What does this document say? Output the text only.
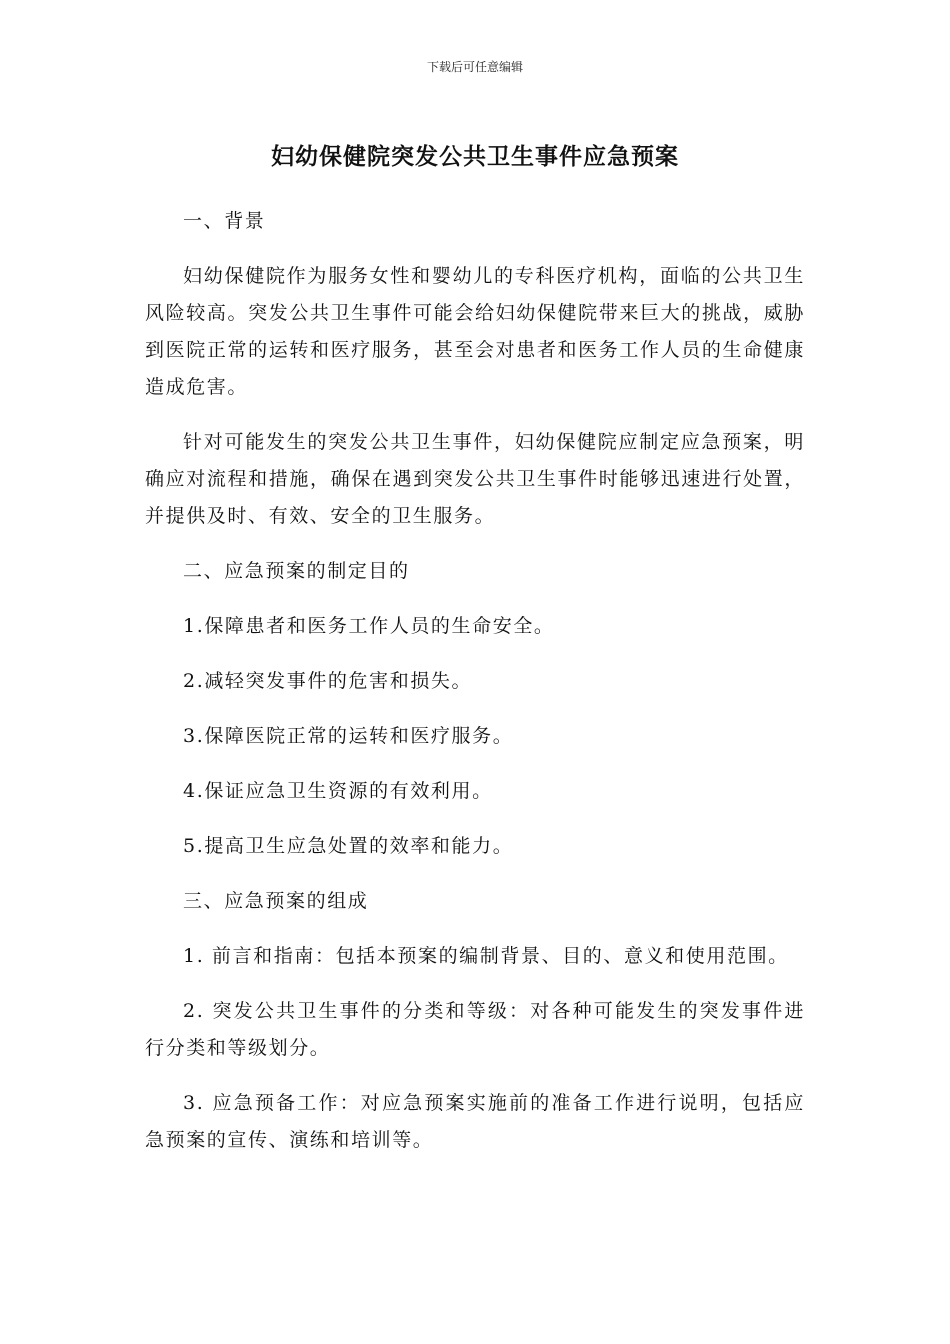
下载后可任意编辑
妇幼保健院突发公共卫生事件应急预案

一、背景

妇幼保健院作为服务女性和婴幼儿的专科医疗机构，面临的公共卫生风险较高。突发公共卫生事件可能会给妇幼保健院带来巨大的挑战，威胁到医院正常的运转和医疗服务，甚至会对患者和医务工作人员的生命健康造成危害。

针对可能发生的突发公共卫生事件，妇幼保健院应制定应急预案，明确应对流程和措施，确保在遇到突发公共卫生事件时能够迅速进行处置，并提供及时、有效、安全的卫生服务。

二、应急预案的制定目的

1.保障患者和医务工作人员的生命安全。

2.减轻突发事件的危害和损失。

3.保障医院正常的运转和医疗服务。

4.保证应急卫生资源的有效利用。

5.提高卫生应急处置的效率和能力。

三、应急预案的组成

1. 前言和指南：包括本预案的编制背景、目的、意义和使用范围。

2. 突发公共卫生事件的分类和等级：对各种可能发生的突发事件进行分类和等级划分。

3. 应急预备工作：对应急预案实施前的准备工作进行说明，包括应急预案的宣传、演练和培训等。
